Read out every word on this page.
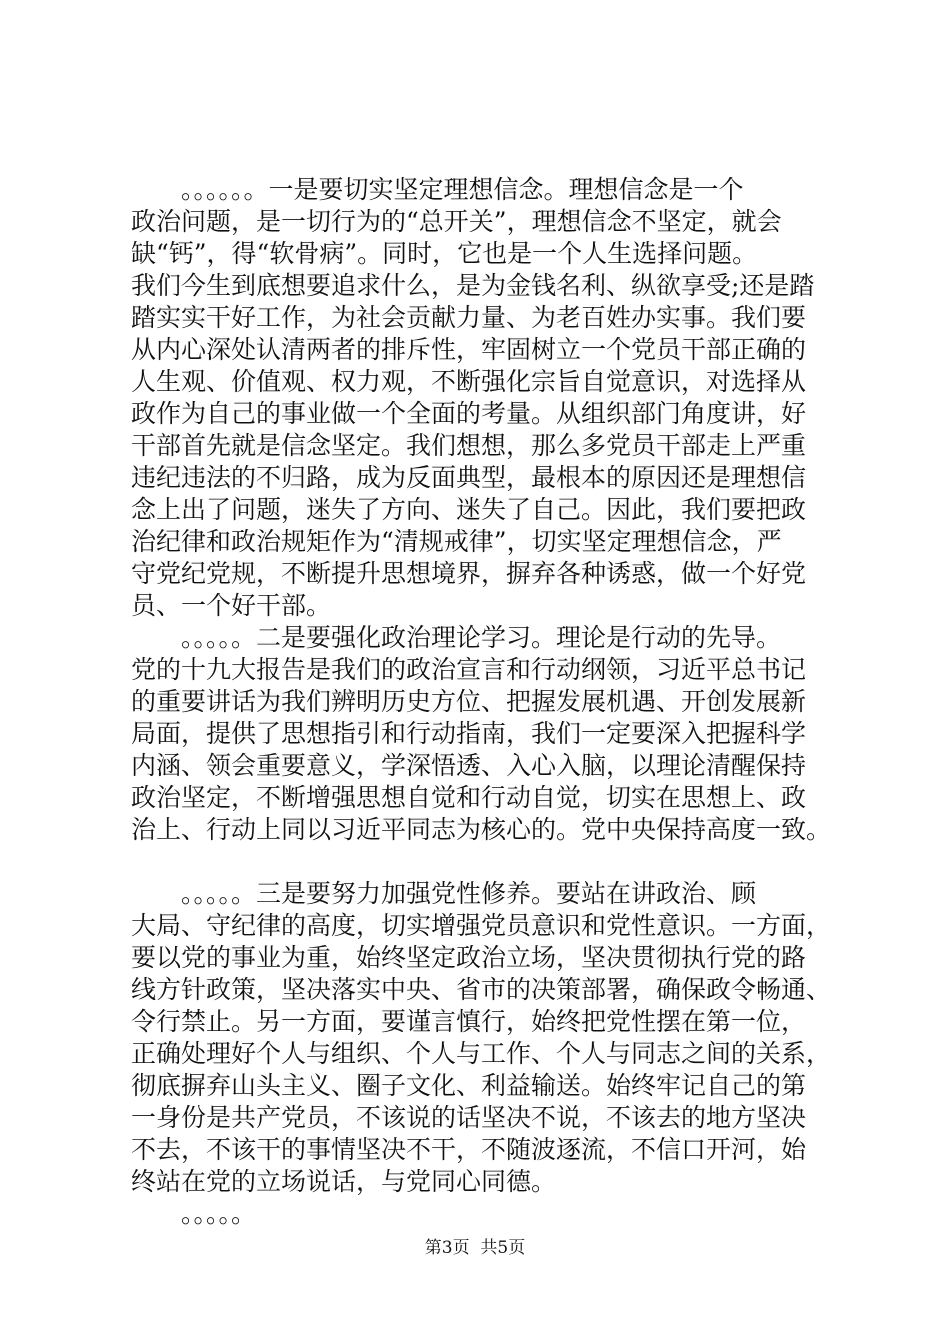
　　。。。。。。一是要切实坚定理想信念。理想信念是一个
政治问题，是一切行为的“总开关”，理想信念不坚定，就会
缺“钙”，得“软骨病”。同时，它也是一个人生选择问题。
我们今生到底想要追求什么，是为金钱名利、纵欲享受;还是踏
踏实实干好工作，为社会贡献力量、为老百姓办实事。我们要
从内心深处认清两者的排斥性，牢固树立一个党员干部正确的
人生观、价值观、权力观，不断强化宗旨自觉意识，对选择从
政作为自己的事业做一个全面的考量。从组织部门角度讲，好
干部首先就是信念坚定。我们想想，那么多党员干部走上严重
违纪违法的不归路，成为反面典型，最根本的原因还是理想信
念上出了问题，迷失了方向、迷失了自己。因此，我们要把政
治纪律和政治规矩作为“清规戒律”，切实坚定理想信念，严
守党纪党规，不断提升思想境界，摒弃各种诱惑，做一个好党
员、一个好干部。
　　。。。。。二是要强化政治理论学习。理论是行动的先导。
党的十九大报告是我们的政治宣言和行动纲领，习近平总书记
的重要讲话为我们辨明历史方位、把握发展机遇、开创发展新
局面，提供了思想指引和行动指南，我们一定要深入把握科学
内涵、领会重要意义，学深悟透、入心入脑，以理论清醒保持
政治坚定，不断增强思想自觉和行动自觉，切实在思想上、政
治上、行动上同以习近平同志为核心的。党中央保持高度一致。
　　。。。。。三是要努力加强党性修养。要站在讲政治、顾
大局、守纪律的高度，切实增强党员意识和党性意识。一方面，
要以党的事业为重，始终坚定政治立场，坚决贯彻执行党的路
线方针政策，坚决落实中央、省市的决策部署，确保政令畅通、
令行禁止。另一方面，要谨言慎行，始终把党性摆在第一位，
正确处理好个人与组织、个人与工作、个人与同志之间的关系，
彻底摒弃山头主义、圈子文化、利益输送。始终牢记自己的第
一身份是共产党员，不该说的话坚决不说，不该去的地方坚决
不去，不该干的事情坚决不干，不随波逐流，不信口开河，始
终站在党的立场说话，与党同心同德。
　　。。。。。
第3页  共5页
